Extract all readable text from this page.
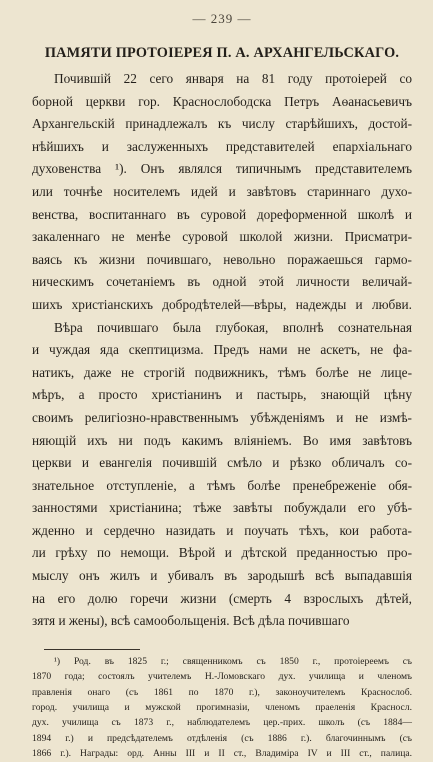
— 239 —
ПАМЯТИ ПРОТОІЕРЕЯ П. А. АРХАНГЕЛЬСКАГО.
Почившій 22 сего января на 81 году протоіерей со
борной церкви гор. Краснослободска Петръ Аѳанасьевичъ
Архангельскій принадлежалъ къ числу старѣйшихъ, достой-
нѣйшихъ и заслуженныхъ представителей епархіальнаго
духовенства ¹). Онъ являлся типичнымъ представителемъ
или точнѣе носителемъ идей и завѣтовъ стариннаго духо-
венства, воспитаннаго въ суровой дореформенной школѣ и
закаленнаго не менѣе суровой школой жизни. Присматри-
ваясь къ жизни почившаго, невольно поражаешься гармо-
ническимъ сочетаніемъ въ одной этой личности величай-
шихъ христіанскихъ добродѣтелей—вѣры, надежды и любви.
Вѣра почившаго была глубокая, вполнѣ сознательная
и чуждая яда скептицизма. Предъ нами не аскетъ, не фа-
натикъ, даже не строгій подвижникъ, тѣмъ болѣе не лице-
мѣръ, а просто христіанинъ и пастырь, знающій цѣну
своимъ религіозно-нравственнымъ убѣжденіямъ и не измѣ-
няющій ихъ ни подъ какимъ вліяніемъ. Во имя завѣтовъ
церкви и евангелія почившій смѣло и рѣзко обличалъ со-
знательное отступленіе, а тѣмъ болѣе пренебреженіе обя-
занностями христіанина; тѣже завѣты побуждали его убѣ-
жденно и сердечно назидать и поучать тѣхъ, кои работа-
ли грѣху по немощи. Вѣрой и дѣтской преданностью про-
мыслу онъ жилъ и убивалъ въ зародышѣ всѣ выпадавшія
на его долю горечи жизни (смерть 4 взрослыхъ дѣтей,
зятя и жены), всѣ самообольщенія. Всѣ дѣла почившаго
¹) Род. въ 1825 г.; священникомъ съ 1850 г., протоіереемъ съ
1870 года; состоялъ учителемъ Н.-Ломовскаго дух. училища и членомъ
правленія онаго (съ 1861 по 1870 г.), законоучителемъ Краснослоб.
город. училища и мужской прогимназіи, членомъ праеленія Красносл.
дух. училища съ 1873 г., наблюдателемъ цер.-прих. школъ (съ 1884—
1894 г.) и предсѣдателемъ отдѣленія (съ 1886 г.). благочиннымъ (съ
1866 г.). Награды: орд. Анны III и II ст., Владиміра IV и III ст., палица.
